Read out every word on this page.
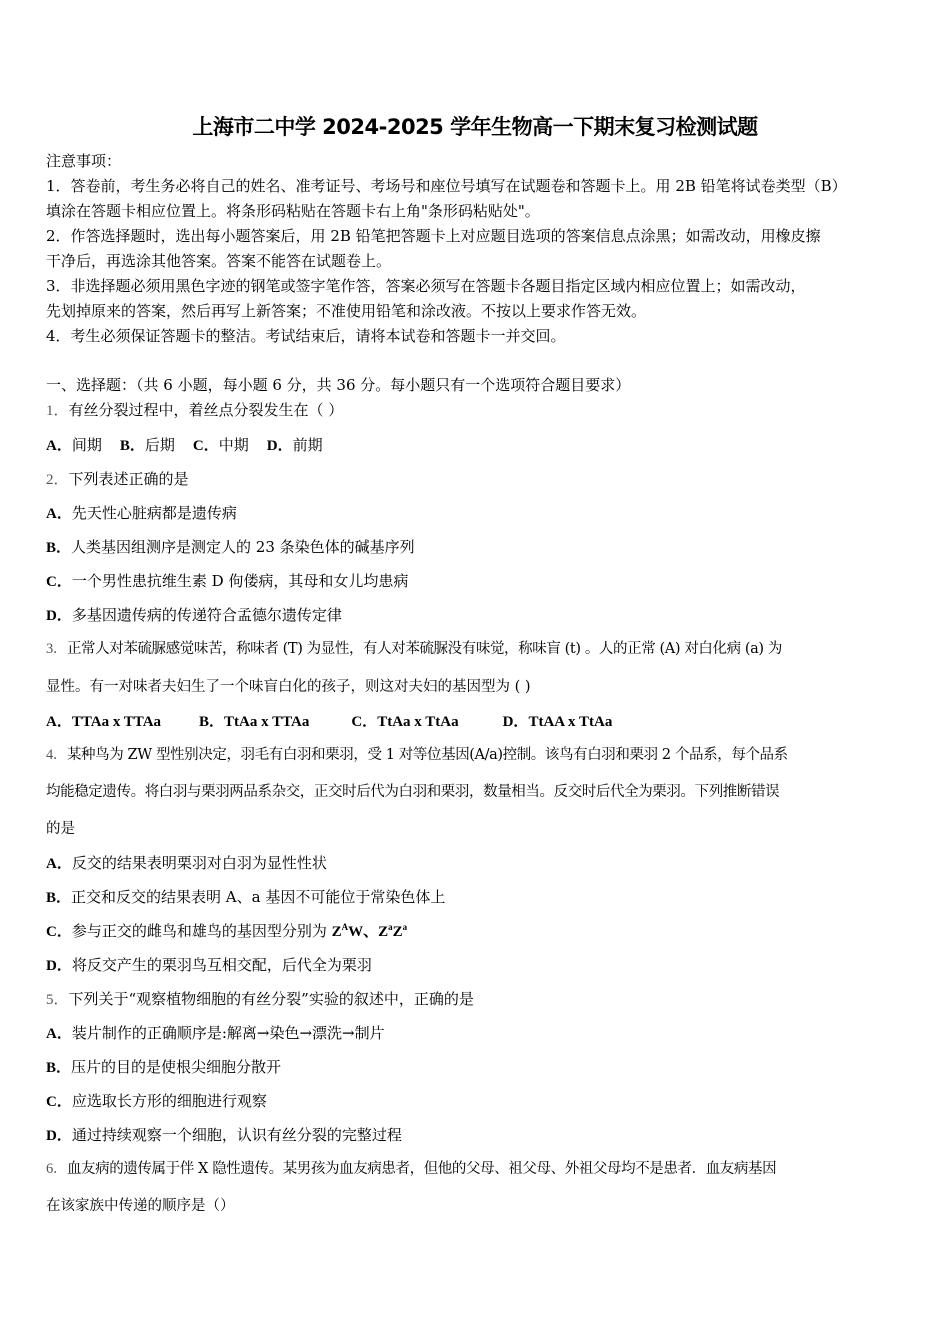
上海市二中学 2024-2025 学年生物高一下期末复习检测试题
注意事项：
1．答卷前，考生务必将自己的姓名、准考证号、考场号和座位号填写在试题卷和答题卡上。用 2B 铅笔将试卷类型（B）
填涂在答题卡相应位置上。将条形码粘贴在答题卡右上角"条形码粘贴处"。
2．作答选择题时，选出每小题答案后，用 2B 铅笔把答题卡上对应题目选项的答案信息点涂黑；如需改动，用橡皮擦
干净后，再选涂其他答案。答案不能答在试题卷上。
3．非选择题必须用黑色字迹的钢笔或签字笔作答，答案必须写在答题卡各题目指定区域内相应位置上；如需改动，
先划掉原来的答案，然后再写上新答案；不准使用铅笔和涂改液。不按以上要求作答无效。
4．考生必须保证答题卡的整洁。考试结束后，请将本试卷和答题卡一并交回。
一、选择题：（共 6 小题，每小题 6 分，共 36 分。每小题只有一个选项符合题目要求）
1．有丝分裂过程中，着丝点分裂发生在（ ）
A．间期 B．后期 C．中期 D．前期
2．下列表述正确的是
A．先天性心脏病都是遗传病
B．人类基因组测序是测定人的 23 条染色体的碱基序列
C．一个男性患抗维生素 D 佝偻病，其母和女儿均患病
D．多基因遗传病的传递符合孟德尔遗传定律
3．正常人对苯硫脲感觉味苦，称味者 (T) 为显性，有人对苯硫脲没有味觉，称味盲 (t) 。人的正常 (A) 对白化病 (a) 为
显性。有一对味者夫妇生了一个味盲白化的孩子，则这对夫妇的基因型为 ( )
A．TTAa x TTAa	B．TtAa x TTAa	C．TtAa x TtAa	D．TtAA x TtAa
4．某种鸟为 ZW 型性别决定，羽毛有白羽和栗羽，受 1 对等位基因(A/a)控制。该鸟有白羽和栗羽 2 个品系，每个品系
均能稳定遗传。将白羽与栗羽两品系杂交，正交时后代为白羽和栗羽，数量相当。反交时后代全为栗羽。下列推断错误
的是
A．反交的结果表明栗羽对白羽为显性性状
B．正交和反交的结果表明 A、a 基因不可能位于常染色体上
C．参与正交的雌鸟和雄鸟的基因型分别为 $Z^AW$、$Z^aZ^a$
D．将反交产生的栗羽鸟互相交配，后代全为栗羽
5．下列关于“观察植物细胞的有丝分裂”实验的叙述中，正确的是
A．装片制作的正确顺序是:解离→染色→漂洗→制片
B．压片的目的是使根尖细胞分散开
C．应选取长方形的细胞进行观察
D．通过持续观察一个细胞，认识有丝分裂的完整过程
6．血友病的遗传属于伴 X 隐性遗传。某男孩为血友病患者，但他的父母、祖父母、外祖父母均不是患者．血友病基因
在该家族中传递的顺序是（）
